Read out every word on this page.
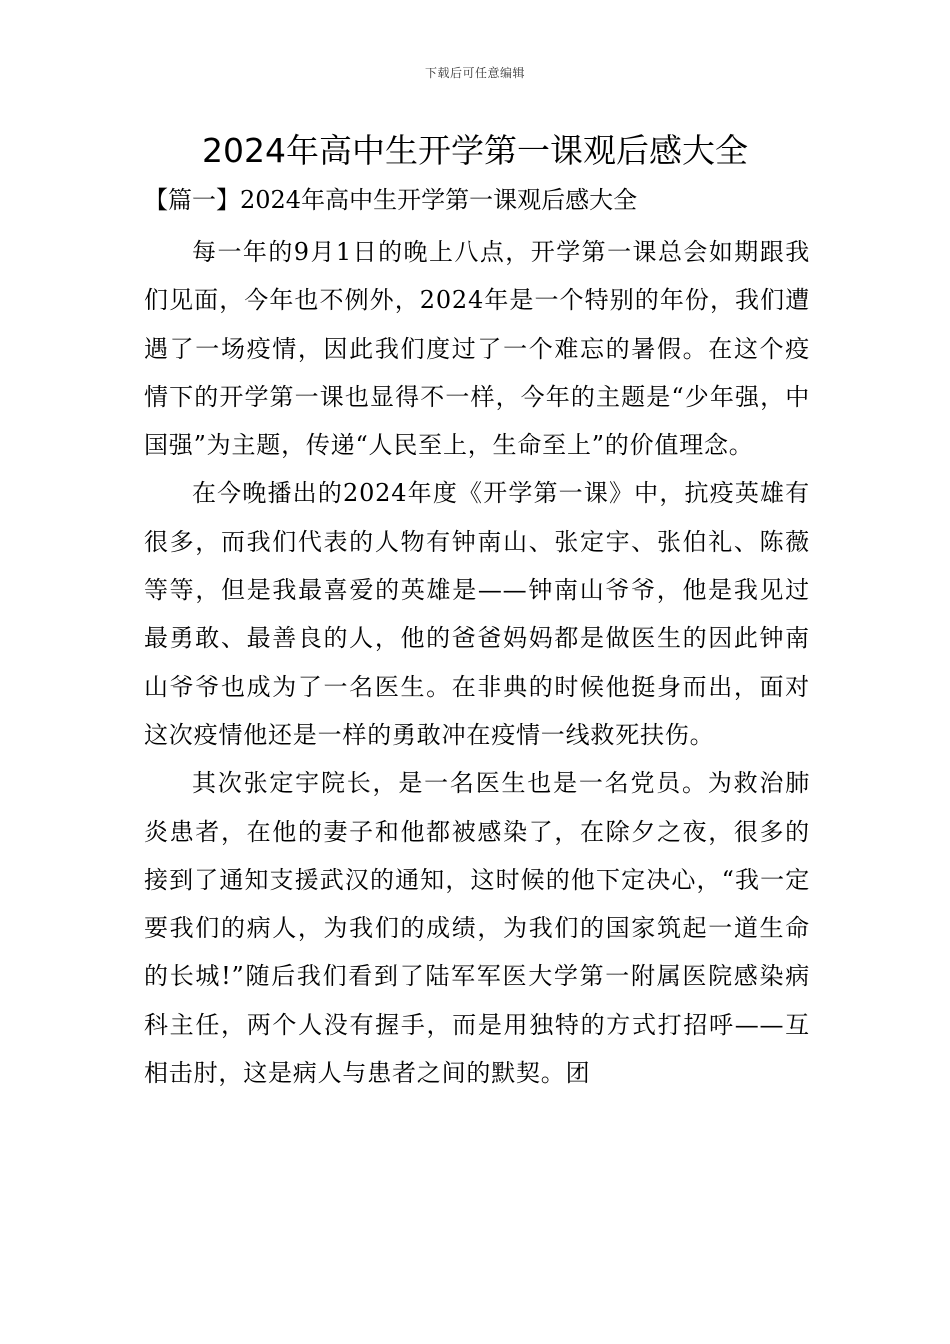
下载后可任意编辑
2024年高中生开学第一课观后感大全
【篇一】2024年高中生开学第一课观后感大全

每一年的9月1日的晚上八点，开学第一课总会如期跟我们见面，今年也不例外，2024年是一个特别的年份，我们遭遇了一场疫情，因此我们度过了一个难忘的暑假。在这个疫情下的开学第一课也显得不一样，今年的主题是“少年强，中国强”为主题，传递“人民至上，生命至上”的价值理念。

在今晚播出的2024年度《开学第一课》中，抗疫英雄有很多，而我们代表的人物有钟南山、张定宇、张伯礼、陈薇等等，但是我最喜爱的英雄是——钟南山爷爷，他是我见过最勇敢、最善良的人，他的爸爸妈妈都是做医生的因此钟南山爷爷也成为了一名医生。在非典的时候他挺身而出，面对这次疫情他还是一样的勇敢冲在疫情一线救死扶伤。

其次张定宇院长，是一名医生也是一名党员。为救治肺炎患者，在他的妻子和他都被感染了，在除夕之夜，很多的接到了通知支援武汉的通知，这时候的他下定决心，“我一定要我们的病人，为我们的成绩，为我们的国家筑起一道生命的长城!”随后我们看到了陆军军医大学第一附属医院感染病科主任，两个人没有握手，而是用独特的方式打招呼——互相击肘，这是病人与患者之间的默契。团
